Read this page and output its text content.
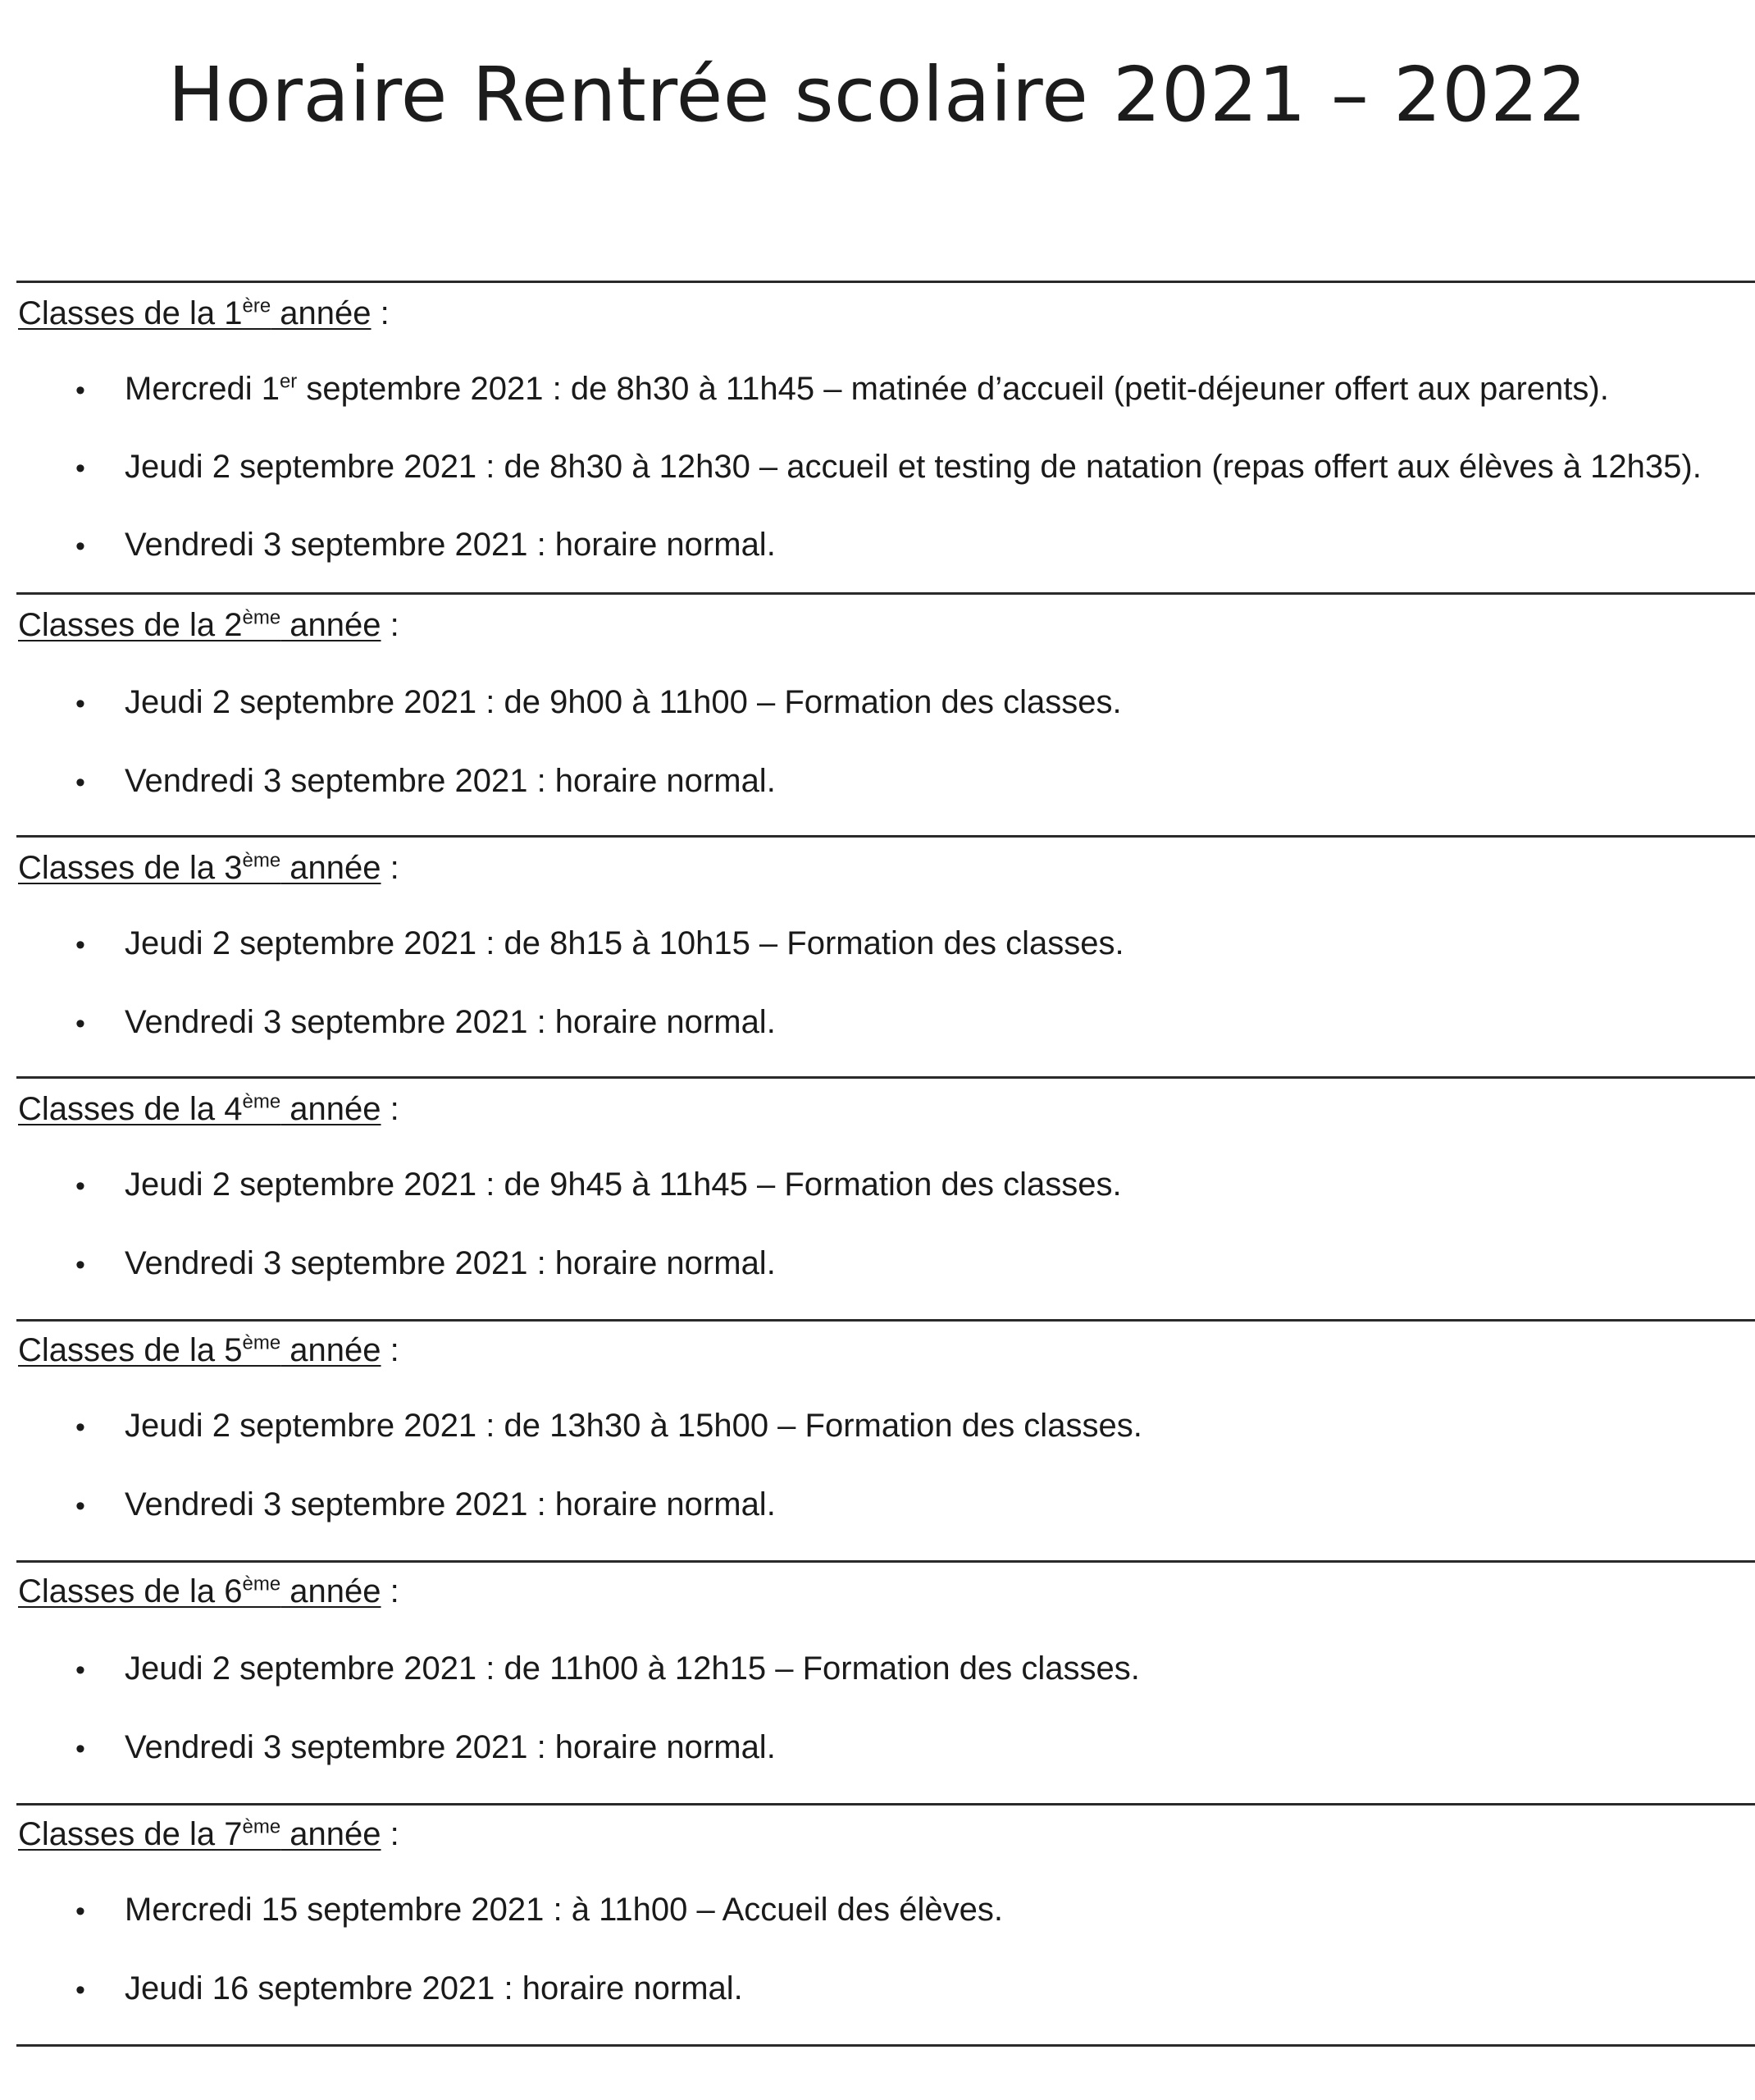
Horaire Rentrée scolaire 2021 – 2022
Classes de la 1ère année :
• Mercredi 1er septembre 2021 : de 8h30 à 11h45 – matinée d’accueil (petit-déjeuner offert aux parents).
• Jeudi 2 septembre 2021 : de 8h30 à 12h30 – accueil et testing de natation (repas offert aux élèves à 12h35).
• Vendredi 3 septembre 2021 : horaire normal.
Classes de la 2ème année :
• Jeudi 2 septembre 2021 : de 9h00 à 11h00 – Formation des classes.
• Vendredi 3 septembre 2021 : horaire normal.
Classes de la 3ème année :
• Jeudi 2 septembre 2021 : de 8h15 à 10h15 – Formation des classes.
• Vendredi 3 septembre 2021 : horaire normal.
Classes de la 4ème année :
• Jeudi 2 septembre 2021 : de 9h45 à 11h45 – Formation des classes.
• Vendredi 3 septembre 2021 : horaire normal.
Classes de la 5ème année :
• Jeudi 2 septembre 2021 : de 13h30 à 15h00 – Formation des classes.
• Vendredi 3 septembre 2021 : horaire normal.
Classes de la 6ème année :
• Jeudi 2 septembre 2021 : de 11h00 à 12h15 – Formation des classes.
• Vendredi 3 septembre 2021 : horaire normal.
Classes de la 7ème année :
• Mercredi 15 septembre 2021 : à 11h00 – Accueil des élèves.
• Jeudi 16 septembre 2021 : horaire normal.
